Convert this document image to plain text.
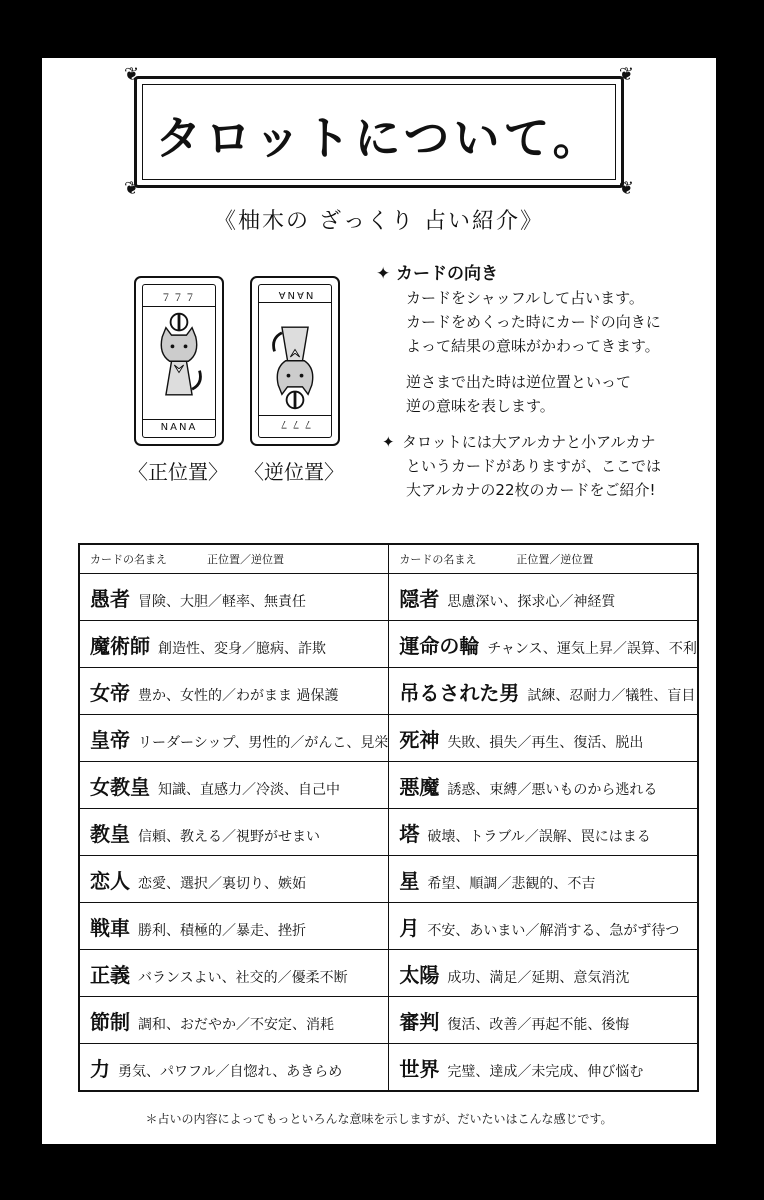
❦	❦
❦	❦
タロットについて。
《柚木の ざっくり 占い紹介》
７７７
NANA
〈正位置〉
７７７
NANA
〈逆位置〉
✦ カードの向き
カードをシャッフルして占います。
カードをめくった時にカードの向きに
よって結果の意味がかわってきます。
逆さまで出た時は逆位置といって
逆の意味を表します。
✦ タロットには大アルカナと小アルカナ
というカードがありますが、ここでは
大アルカナの22枚のカードをご紹介!
カードの名まえ 正位置／逆位置	カードの名まえ 正位置／逆位置
愚者 冒険、大胆／軽率、無責任	隠者 思慮深い、探求心／神経質
魔術師 創造性、変身／臆病、詐欺	運命の輪 チャンス、運気上昇／誤算、不利
女帝 豊か、女性的／わがまま 過保護	吊るされた男 試練、忍耐力／犠牲、盲目
皇帝 リーダーシップ、男性的／がんこ、見栄	死神 失敗、損失／再生、復活、脱出
女教皇 知識、直感力／冷淡、自己中	悪魔 誘惑、束縛／悪いものから逃れる
教皇 信頼、教える／視野がせまい	塔 破壊、トラブル／誤解、罠にはまる
恋人 恋愛、選択／裏切り、嫉妬	星 希望、順調／悲観的、不吉
戦車 勝利、積極的／暴走、挫折	月 不安、あいまい／解消する、急がず待つ
正義 バランスよい、社交的／優柔不断	太陽 成功、満足／延期、意気消沈
節制 調和、おだやか／不安定、消耗	審判 復活、改善／再起不能、後悔
力 勇気、パワフル／自惚れ、あきらめ	世界 完璧、達成／未完成、伸び悩む
＊占いの内容によってもっといろんな意味を示しますが、だいたいはこんな感じです。
